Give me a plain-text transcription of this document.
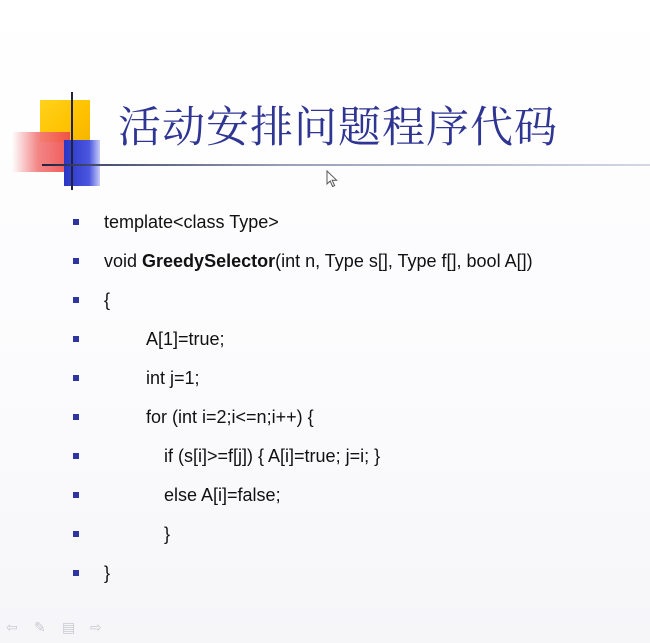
活动安排问题程序代码
template<class Type>
void GreedySelector(int n, Type s[], Type f[], bool A[])
{
A[1]=true;
int j=1;
for (int i=2;i<=n;i++) {
if (s[i]>=f[j]) { A[i]=true; j=i; }
else A[i]=false;
}
}
⇦ ✎ ▤ ⇨
